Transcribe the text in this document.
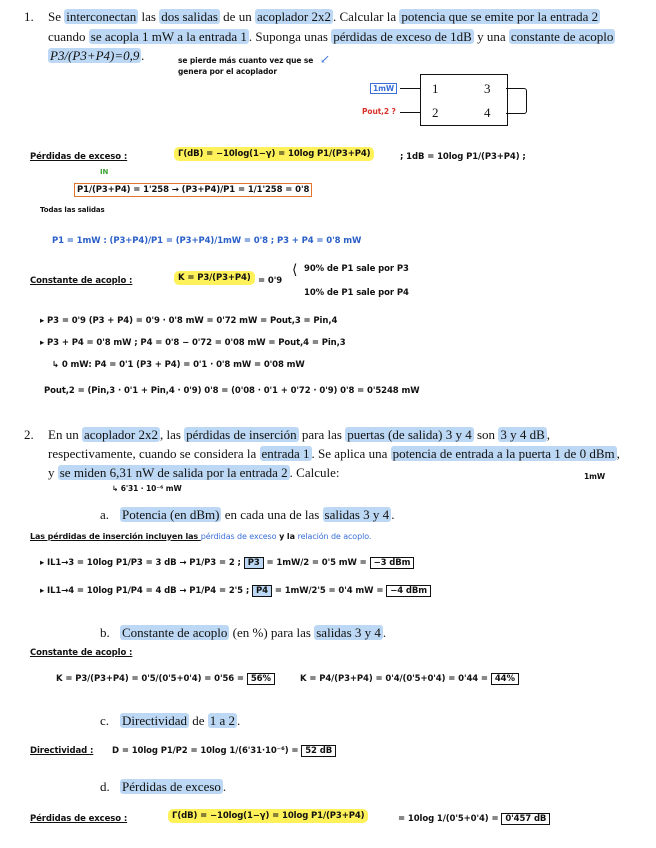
1. Se interconectan las dos salidas de un acoplador 2x2 . Calcular la potencia que se emite por la entrada 2
cuando se acopla 1 mW a la entrada 1 . Suponga unas pérdidas de exceso de 1dB y una constante de acoplo
P3/(P3+P4)=0,9 .	se pierde más cuanto vez que se genera por el acoplador
↙
1
2
3
4
1mW
Pout,2 ?
Pérdidas de exceso :	Γ(dB) = −10log(1−γ) = 10log P1/(P3+P4)	; 1dB = 10log P1/(P3+P4) ;
IN
P1/(P3+P4) = 1'258 → (P3+P4)/P1 = 1/1'258 = 0'8
Todas las salidas
P1 = 1mW : (P3+P4)/P1 = (P3+P4)/1mW = 0'8 ; P3 + P4 = 0'8 mW
Constante de acoplo :	K = P3/(P3+P4) = 0'9
⟨ 90% de P1 sale por P3
10% de P1 sale por P4
▸ P3 = 0'9 (P3 + P4) = 0'9 · 0'8 mW = 0'72 mW = Pout,3 = Pin,4
▸ P3 + P4 = 0'8 mW ; P4 = 0'8 − 0'72 = 0'08 mW = Pout,4 = Pin,3
↳ 0 mW: P4 = 0'1 (P3 + P4) = 0'1 · 0'8 mW = 0'08 mW
Pout,2 = (Pin,3 · 0'1 + Pin,4 · 0'9) 0'8 = (0'08 · 0'1 + 0'72 · 0'9) 0'8 = 0'5248 mW
2. En un acoplador 2x2 , las pérdidas de inserción para las puertas (de salida) 3 y 4 son 3 y 4 dB ,
respectivamente, cuando se considera la entrada 1 . Se aplica una potencia de entrada a la puerta 1 de 0 dBm ,
y se miden 6,31 nW de salida por la entrada 2 . Calcule:
↳ 6'31 · 10⁻⁶ mW
1mW
a. Potencia (en dBm) en cada una de las salidas 3 y 4 .
Las pérdidas de inserción incluyen las pérdidas de exceso y la relación de acoplo.
▸ IL1→3 = 10log P1/P3 = 3 dB → P1/P3 = 2 ; P3 = 1mW/2 = 0'5 mW = −3 dBm
▸ IL1→4 = 10log P1/P4 = 4 dB → P1/P4 = 2'5 ; P4 = 1mW/2'5 = 0'4 mW = −4 dBm
b. Constante de acoplo (en %) para las salidas 3 y 4 .
Constante de acoplo :
K = P3/(P3+P4) = 0'5/(0'5+0'4) = 0'56 = 56%	K = P4/(P3+P4) = 0'4/(0'5+0'4) = 0'44 = 44%
c. Directividad de 1 a 2 .
Directividad : D = 10log P1/P2 = 10log 1/(6'31·10⁻⁶) = 52 dB
d. Pérdidas de exceso .
Pérdidas de exceso :	Γ(dB) = −10log(1−γ) = 10log P1/(P3+P4)	= 10log 1/(0'5+0'4) = 0'457 dB
